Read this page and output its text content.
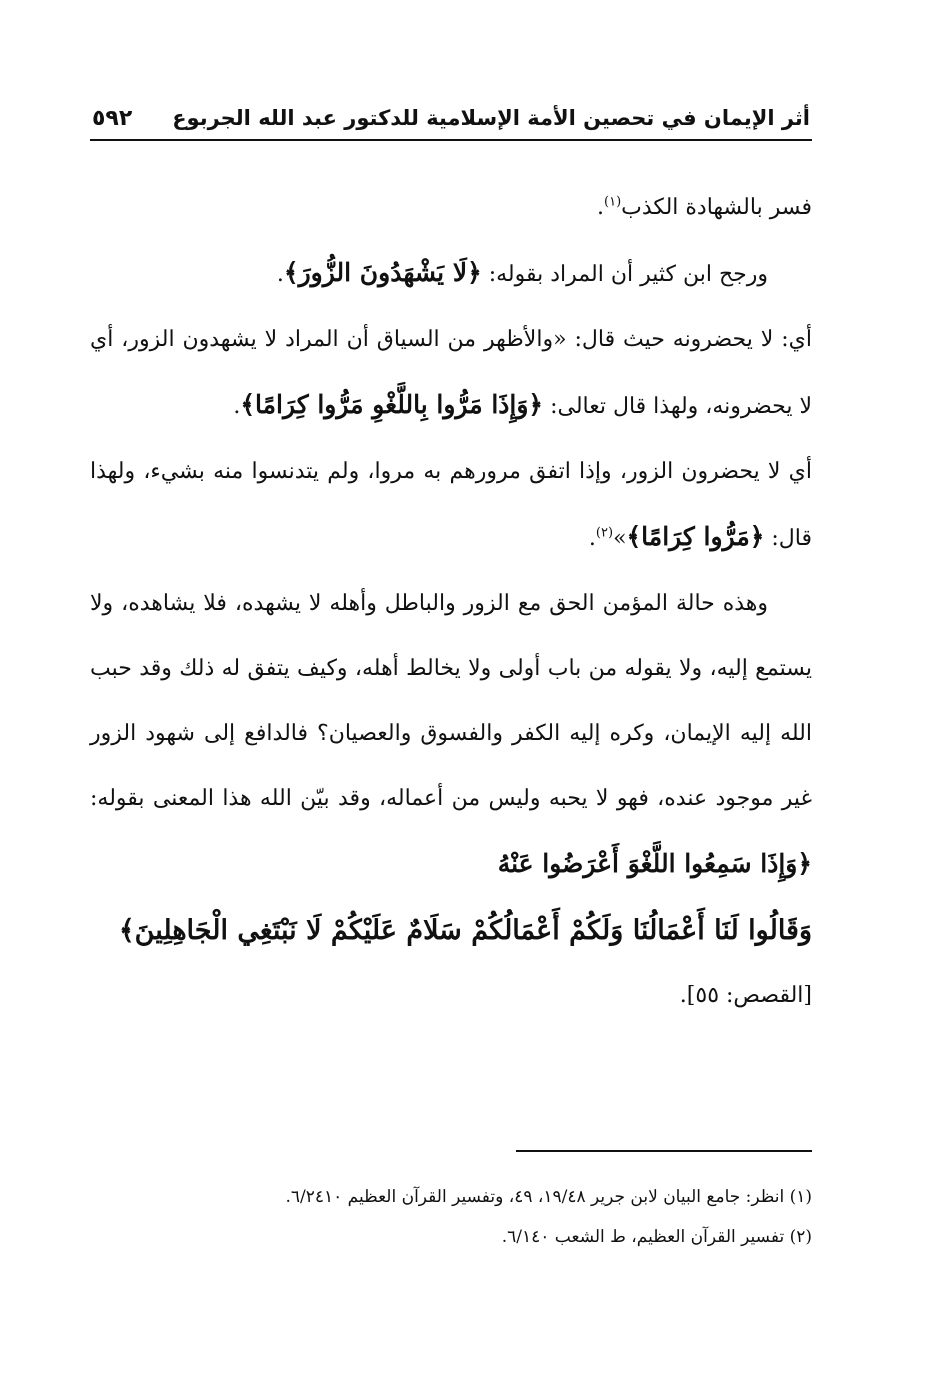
أثر الإيمان في تحصين الأمة الإسلامية للدكتور عبد الله الجربوع
٥٩٢

فسر بالشهادة الكذب$^{(١)}$.

ورجح ابن كثير أن المراد بقوله: ﴿لَا يَشْهَدُونَ الزُّورَ﴾.

أي: لا يحضرونه حيث قال: «والأظهر من السياق أن المراد لا يشهدون الزور، أي لا يحضرونه، ولهذا قال تعالى: ﴿وَإِذَا مَرُّوا بِاللَّغْوِ مَرُّوا كِرَامًا﴾.

أي لا يحضرون الزور، وإذا اتفق مرورهم به مروا، ولم يتدنسوا منه بشيء، ولهذا قال: ﴿مَرُّوا كِرَامًا﴾»$^{(٢)}$.

وهذه حالة المؤمن الحق مع الزور والباطل وأهله لا يشهده، فلا يشاهده، ولا يستمع إليه، ولا يقوله من باب أولى ولا يخالط أهله، وكيف يتفق له ذلك وقد حبب الله إليه الإيمان، وكره إليه الكفر والفسوق والعصيان؟ فالدافع إلى شهود الزور غير موجود عنده، فهو لا يحبه وليس من أعماله، وقد بيّن الله هذا المعنى بقوله: ﴿وَإِذَا سَمِعُوا اللَّغْوَ أَعْرَضُوا عَنْهُ

وَقَالُوا لَنَا أَعْمَالُنَا وَلَكُمْ أَعْمَالُكُمْ سَلَامٌ عَلَيْكُمْ لَا نَبْتَغِي الْجَاهِلِينَ﴾

[القصص: ٥٥].

(١) انظر: جامع البيان لابن جرير ١٩/٤٨، ٤٩، وتفسير القرآن العظيم ٦/٢٤١٠.
(٢) تفسير القرآن العظيم، ط الشعب ٦/١٤٠.
